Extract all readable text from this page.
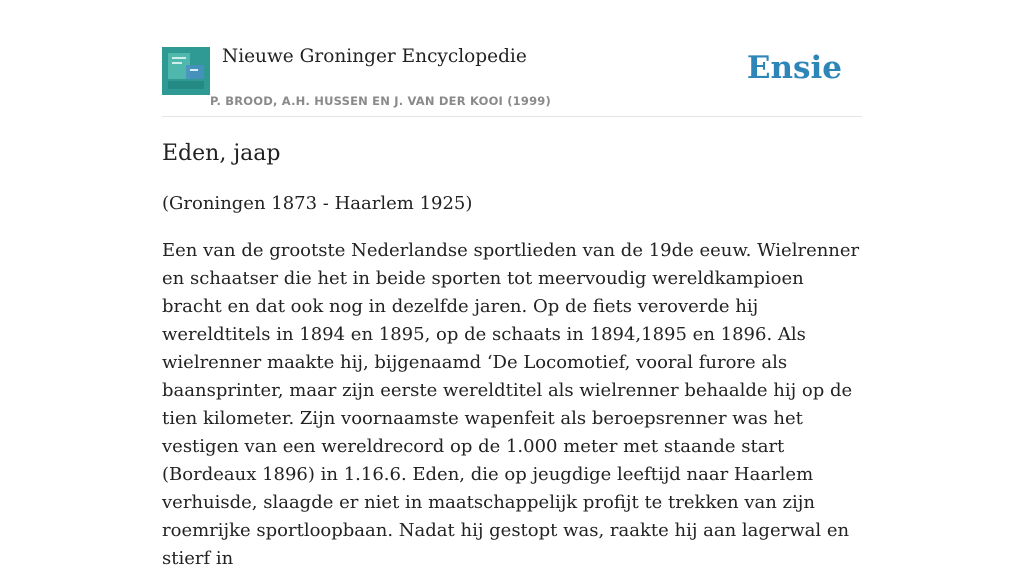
Nieuwe Groninger Encyclopedie
P. BROOD, A.H. HUSSEN EN J. VAN DER KOOI (1999)
Ensie
Eden, jaap

(Groningen 1873 - Haarlem 1925)

Een van de grootste Nederlandse sportlieden van de 19de eeuw. Wielrenner en schaatser die het in beide sporten tot meervoudig wereldkampioen bracht en dat ook nog in dezelfde jaren. Op de fiets veroverde hij wereldtitels in 1894 en 1895, op de schaats in 1894,1895 en 1896. Als wielrenner maakte hij, bijgenaamd ‘De Locomotief, vooral furore als baansprinter, maar zijn eerste wereldtitel als wielrenner behaalde hij op de tien kilometer. Zijn voornaamste wapenfeit als beroepsrenner was het vestigen van een wereldrecord op de 1.000 meter met staande start (Bordeaux 1896) in 1.16.6. Eden, die op jeugdige leeftijd naar Haarlem verhuisde, slaagde er niet in maatschappelijk profijt te trekken van zijn roemrijke sportloopbaan. Nadat hij gestopt was, raakte hij aan lagerwal en stierf in
